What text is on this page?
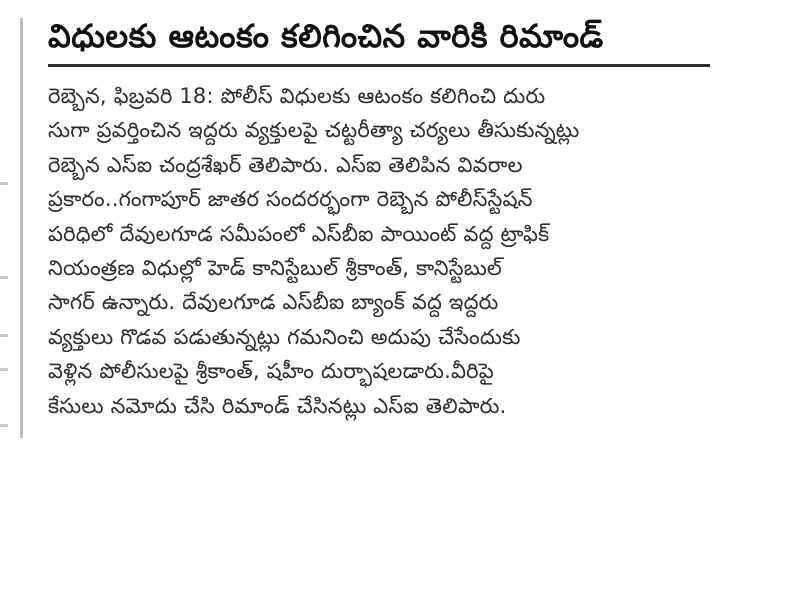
విధులకు ఆటంకం కలిగించిన వారికి రిమాండ్
రెబ్బెన, ఫిబ్రవరి 18: పోలీస్ విధులకు ఆటంకం కలిగించి దురు
సుగా ప్రవర్తించిన ఇద్దరు వ్యక్తులపై చట్టరీత్యా చర్యలు తీసుకున్నట్లు
రెబ్బెన ఎస్ఐ చంద్రశేఖర్ తెలిపారు. ఎస్ఐ తెలిపిన వివరాల
ప్రకారం..గంగాపూర్ జాతర సందరర్భంగా రెబ్బెన పోలీస్‌స్టేషన్
పరిధిలో దేవులగూడ సమీపంలో ఎస్‌బీఐ పాయింట్ వద్ద ట్రాఫిక్
నియంత్రణ విధుల్లో హెడ్ కానిస్టేబుల్ శ్రీకాంత్, కానిస్టేబుల్
సాగర్ ఉన్నారు. దేవులగూడ ఎస్‌బీఐ బ్యాంక్ వద్ద ఇద్దరు
వ్యక్తులు గొడవ పడుతున్నట్లు గమనించి అదుపు చేసేందుకు
వెళ్లిన పోలీసులపై శ్రీకాంత్, షహీం దుర్భాషలడారు.వీరిపై
కేసులు నమోదు చేసి రిమాండ్ చేసినట్లు ఎస్ఐ తెలిపారు.
